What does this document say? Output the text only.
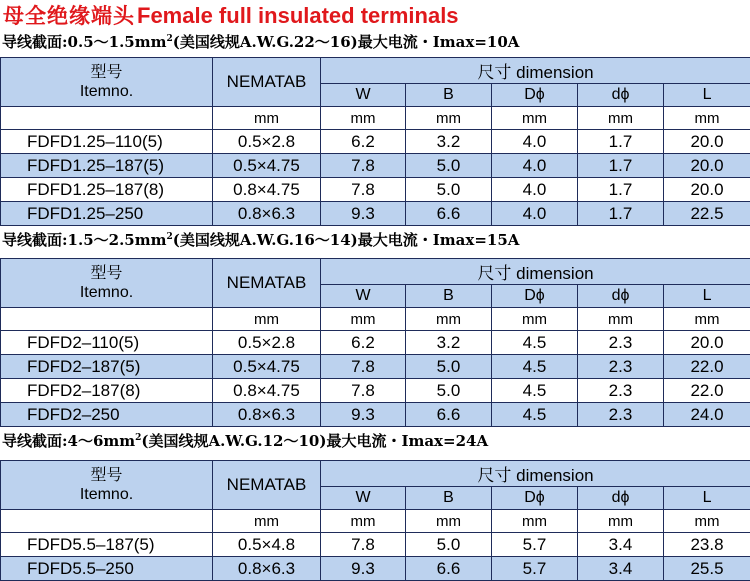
母全绝缘端头Female full insulated terminals
导线截面$:0.5\sim 1.5mm^2$(美国线规A.W.G.22～16)最大电流・Imax=10A
型号
Itemno.	NEMATAB	尺寸 dimension				
		W	B	Dϕ	dϕ	L
	mm	mm	mm	mm	mm	mm
FDFD1.25–110(5)	0.5×2.8	6.2	3.2	4.0	1.7	20.0
FDFD1.25–187(5)	0.5×4.75	7.8	5.0	4.0	1.7	20.0
FDFD1.25–187(8)	0.8×4.75	7.8	5.0	4.0	1.7	20.0
FDFD1.25–250	0.8×6.3	9.3	6.6	4.0	1.7	22.5
导线截面$:1.5\sim 2.5mm^2$(美国线规A.W.G.16～14)最大电流・Imax=15A
型号
Itemno.	NEMATAB	尺寸 dimension				
		W	B	Dϕ	dϕ	L
	mm	mm	mm	mm	mm	mm
FDFD2–110(5)	0.5×2.8	6.2	3.2	4.5	2.3	20.0
FDFD2–187(5)	0.5×4.75	7.8	5.0	4.5	2.3	22.0
FDFD2–187(8)	0.8×4.75	7.8	5.0	4.5	2.3	22.0
FDFD2–250	0.8×6.3	9.3	6.6	4.5	2.3	24.0
导线截面$:4\sim 6mm^2$(美国线规A.W.G.12～10)最大电流・Imax=24A
型号
Itemno.	NEMATAB	尺寸 dimension				
		W	B	Dϕ	dϕ	L
	mm	mm	mm	mm	mm	mm
FDFD5.5–187(5)	0.5×4.8	7.8	5.0	5.7	3.4	23.8
FDFD5.5–250	0.8×6.3	9.3	6.6	5.7	3.4	25.5
